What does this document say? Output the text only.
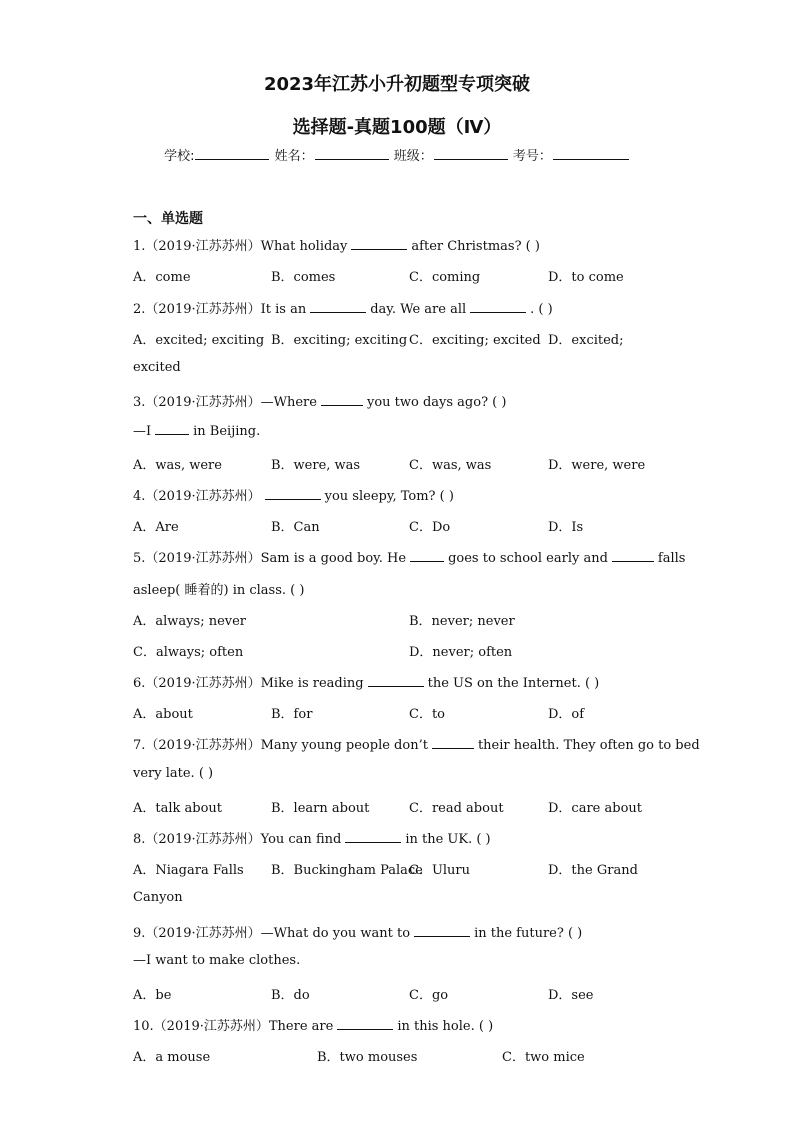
2023年江苏小升初题型专项突破
选择题-真题100题（Ⅳ）
学校:	姓名：	班级：	考号：
一、单选题
1.（2019·江苏苏州）What holiday	after Christmas? ( )
A．come	B．comes	C．coming	D．to come
2.（2019·江苏苏州）It is an	day. We are all	. ( )
A．excited; exciting B．exciting; exciting C．exciting; excited D．excited;
excited
3.（2019·江苏苏州）—Where	you two days ago? ( )
—I	in Beijing.
A．was, were	B．were, was	C．was, was	D．were, were
4.（2019·江苏苏州）	you sleepy, Tom? ( )
A．Are	B．Can	C．Do	D．Is
5.（2019·江苏苏州）Sam is a good boy. He	goes to school early and	falls
asleep( 睡着的) in class. ( )
A．always; never	B．never; never
C．always; often	D．never; often
6.（2019·江苏苏州）Mike is reading	the US on the Internet. ( )
A．about	B．for	C．to	D．of
7.（2019·江苏苏州）Many young people don’t	their health. They often go to bed
very late. ( )
A．talk about	B．learn about	C．read about	D．care about
8.（2019·江苏苏州）You can find	in the UK. ( )
A．Niagara Falls B．Buckingham Palace
C．Uluru	D．the Grand
Canyon
9.（2019·江苏苏州）—What do you want to	in the future? ( )
—I want to make clothes.
A．be	B．do	C．go	D．see
10.（2019·江苏苏州）There are	in this hole. ( )
A．a mouse	B．two mouses	C．two mice
